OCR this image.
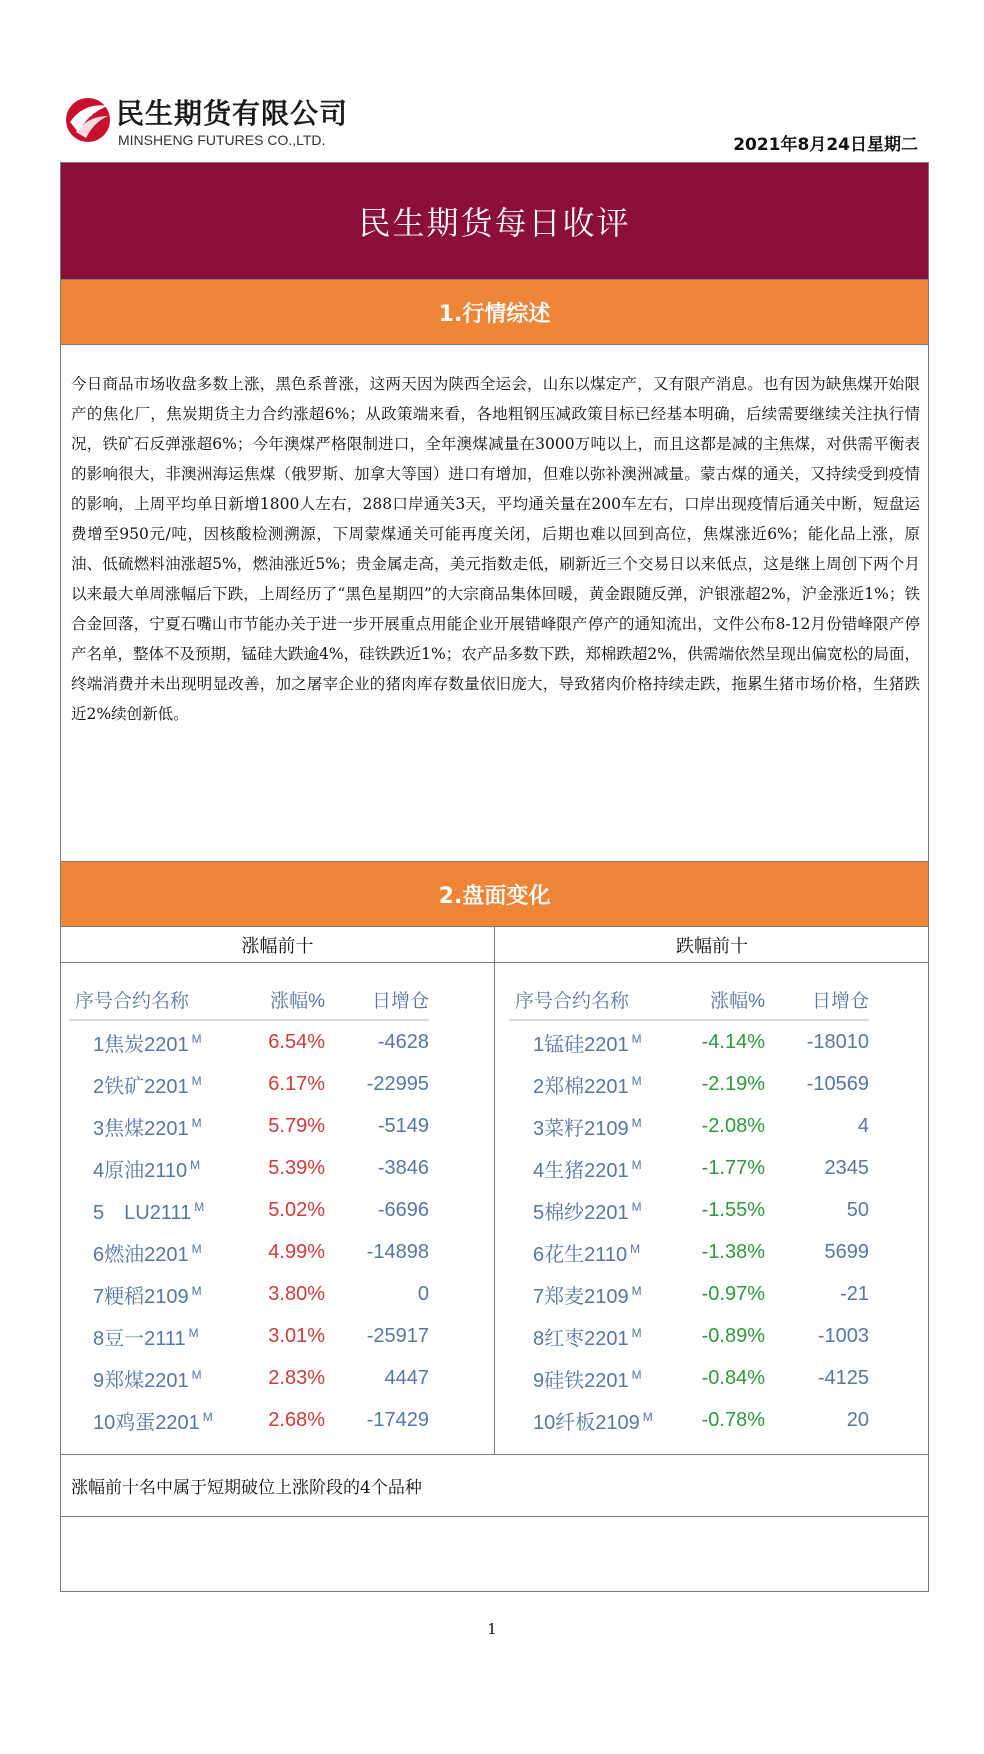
民生期货有限公司
MINSHENG FUTURES CO.,LTD.	2021年8月24日星期二
民生期货每日收评
1.行情综述
今日商品市场收盘多数上涨，黑色系普涨，这两天因为陕西全运会，山东以煤定产，又有限产消息。也有因为缺焦煤开始限产的焦化厂，焦炭期货主力合约涨超6%；从政策端来看，各地粗钢压减政策目标已经基本明确，后续需要继续关注执行情况，铁矿石反弹涨超6%；今年澳煤严格限制进口，全年澳煤减量在3000万吨以上，而且这都是减的主焦煤，对供需平衡表的影响很大，非澳洲海运焦煤（俄罗斯、加拿大等国）进口有增加，但难以弥补澳洲减量。蒙古煤的通关，又持续受到疫情的影响，上周平均单日新增1800人左右，288口岸通关3天，平均通关量在200车左右，口岸出现疫情后通关中断，短盘运费增至950元/吨，因核酸检测溯源，下周蒙煤通关可能再度关闭，后期也难以回到高位，焦煤涨近6%；能化品上涨，原油、低硫燃料油涨超5%，燃油涨近5%；贵金属走高，美元指数走低，刷新近三个交易日以来低点，这是继上周创下两个月以来最大单周涨幅后下跌，上周经历了“黑色星期四”的大宗商品集体回暖，黄金跟随反弹，沪银涨超2%，沪金涨近1%；铁合金回落，宁夏石嘴山市节能办关于进一步开展重点用能企业开展错峰限产停产的通知流出，文件公布8-12月份错峰限产停产名单，整体不及预期，锰硅大跌逾4%，硅铁跌近1%；农产品多数下跌，郑棉跌超2%，供需端依然呈现出偏宽松的局面，终端消费并未出现明显改善，加之屠宰企业的猪肉库存数量依旧庞大，导致猪肉价格持续走跌，拖累生猪市场价格，生猪跌近2%续创新低。
2.盘面变化
涨幅前十
序号合约名称	涨幅%	日增仓
1焦炭2201 $^M$	6.54%	-4628
2铁矿2201 $^M$	6.17%	-22995
3焦煤2201 $^M$	5.79%	-5149
4原油2110 $^M$	5.39%	-3846
5　LU2111 $^M$	5.02%	-6696
6燃油2201 $^M$	4.99%	-14898
7粳稻2109 $^M$	3.80%	0
8豆一2111 $^M$	3.01%	-25917
9郑煤2201 $^M$	2.83%	4447
10鸡蛋2201 $^M$	2.68%	-17429
跌幅前十
序号合约名称	涨幅%	日增仓
1锰硅2201 $^M$	-4.14%	-18010
2郑棉2201 $^M$	-2.19%	-10569
3菜籽2109 $^M$	-2.08%	4
4生猪2201 $^M$	-1.77%	2345
5棉纱2201 $^M$	-1.55%	50
6花生2110 $^M$	-1.38%	5699
7郑麦2109 $^M$	-0.97%	-21
8红枣2201 $^M$	-0.89%	-1003
9硅铁2201 $^M$	-0.84%	-4125
10纤板2109 $^M$	-0.78%	20
涨幅前十名中属于短期破位上涨阶段的4个品种
1
